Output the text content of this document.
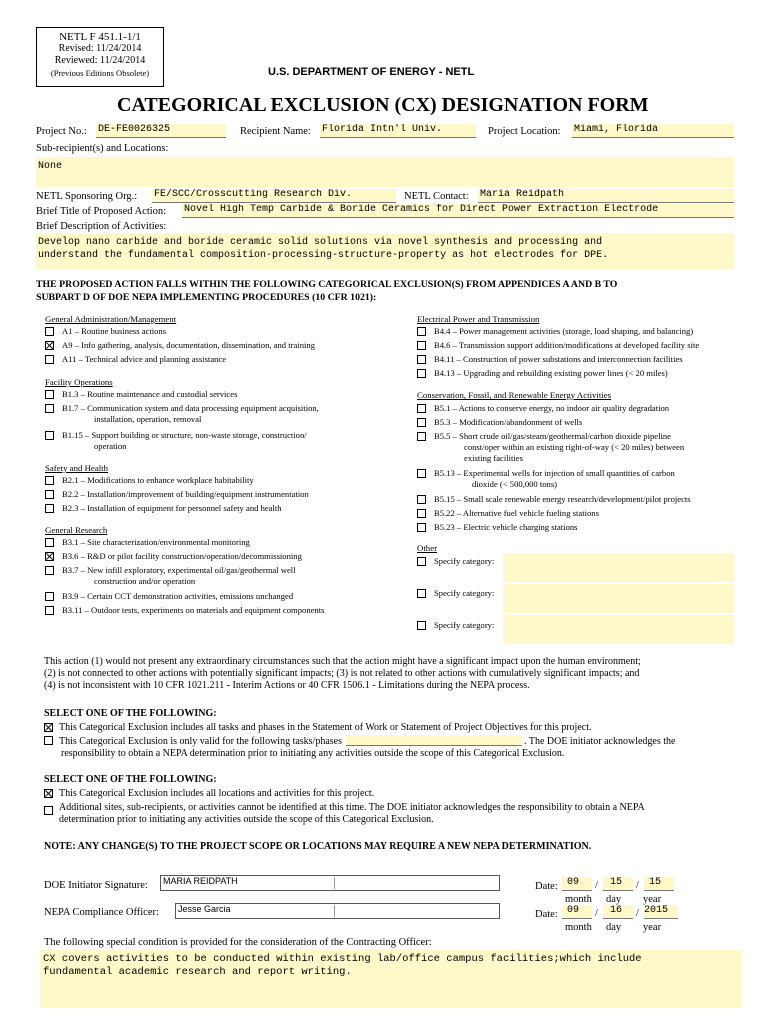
NETL F 451.1-1/1
Revised: 11/24/2014
Reviewed: 11/24/2014
(Previous Editions Obsolete)	U.S. DEPARTMENT OF ENERGY - NETL
CATEGORICAL EXCLUSION (CX) DESIGNATION FORM
Project No.: DE-FE0026325	Recipient Name: Florida Intn'l Univ.	Project Location: Miami, Florida
Sub-recipient(s) and Locations:
None
NETL Sponsoring Org.: FE/SCC/Crosscutting Research Div.	NETL Contact: Maria Reidpath
Brief Title of Proposed Action: Novel High Temp Carbide & Boride Ceramics for Direct Power Extraction Electrode
Brief Description of Activities:
Develop nano carbide and boride ceramic solid solutions via novel synthesis and processing and
understand the fundamental composition-processing-structure-property as hot electrodes for DPE.
THE PROPOSED ACTION FALLS WITHIN THE FOLLOWING CATEGORICAL EXCLUSION(S) FROM APPENDICES A AND B TO
SUBPART D OF DOE NEPA IMPLEMENTING PROCEDURES (10 CFR 1021):
General Administration/Management
A1 – Routine business actions
A9 – Info gathering, analysis, documentation, dissemination, and training
A11 – Technical advice and planning assistance
Facility Operations
B1.3 – Routine maintenance and custodial services
B1.7 – Communication system and data processing equipment acquisition,
installation, operation, removal
B1.15 – Support building or structure, non-waste storage, construction/
operation
Safety and Health
B2.1 – Modifications to enhance workplace habitability
B2.2 – Installation/improvement of building/equipment instrumentation
B2.3 – Installation of equipment for personnel safety and health
General Research
B3.1 – Site characterization/environmental monitoring
B3.6 – R&D or pilot facility construction/operation/decommissioning
B3.7 – New infill exploratory, experimental oil/gas/geothermal well
construction and/or operation
B3.9 – Certain CCT demonstration activities, emissions unchanged
B3.11 – Outdoor tests, experiments on materials and equipment components
Electrical Power and Transmission
B4.4 – Power management activities (storage, load shaping, and balancing)
B4.6 – Transmission support addition/modifications at developed facility site
B4.11 – Construction of power substations and interconnection facilities
B4.13 – Upgrading and rebuilding existing power lines (< 20 miles)
Conservation, Fossil, and Renewable Energy Activities
B5.1 – Actions to conserve energy, no indoor air quality degradation
B5.3 – Modification/abandonment of wells
B5.5 – Short crude oil/gas/steam/geothermal/carbon dioxide pipeline
const/oper within an existing right-of-way (< 20 miles) between
existing facilities
B5.13 – Experimental wells for injection of small quantities of carbon
dioxide (< 500,000 tons)
B5.15 – Small scale renewable energy research/development/pilot projects
B5.22 – Alternative fuel vehicle fueling stations
B5.23 – Electric vehicle charging stations
Other
Specify category:
Specify category:
Specify category:
This action (1) would not present any extraordinary circumstances such that the action might have a significant impact upon the human environment;
(2) is not connected to other actions with potentially significant impacts; (3) is not related to other actions with cumulatively significant impacts; and
(4) is not inconsistent with 10 CFR 1021.211 - Interim Actions or 40 CFR 1506.1 - Limitations during the NEPA process.
SELECT ONE OF THE FOLLOWING:
This Categorical Exclusion includes all tasks and phases in the Statement of Work or Statement of Project Objectives for this project.
This Categorical Exclusion is only valid for the following tasks/phases	. The DOE initiator acknowledges the
responsibility to obtain a NEPA determination prior to initiating any activities outside the scope of this Categorical Exclusion.
SELECT ONE OF THE FOLLOWING:
This Categorical Exclusion includes all locations and activities for this project.
Additional sites, sub-recipients, or activities cannot be identified at this time. The DOE initiator acknowledges the responsibility to obtain a NEPA
determination prior to initiating any activities outside the scope of this Categorical Exclusion.
NOTE: ANY CHANGE(S) TO THE PROJECT SCOPE OR LOCATIONS MAY REQUIRE A NEW NEPA DETERMINATION.
DOE Initiator Signature:	MARIA REIDPATH
NEPA Compliance Officer:	Jesse Garcia
Date: 09	/	15	/	15
month day year
Date: 09	/	16	/ 2015
month day year
The following special condition is provided for the consideration of the Contracting Officer:
CX covers activities to be conducted within existing lab/office campus facilities;which include
fundamental academic research and report writing.
